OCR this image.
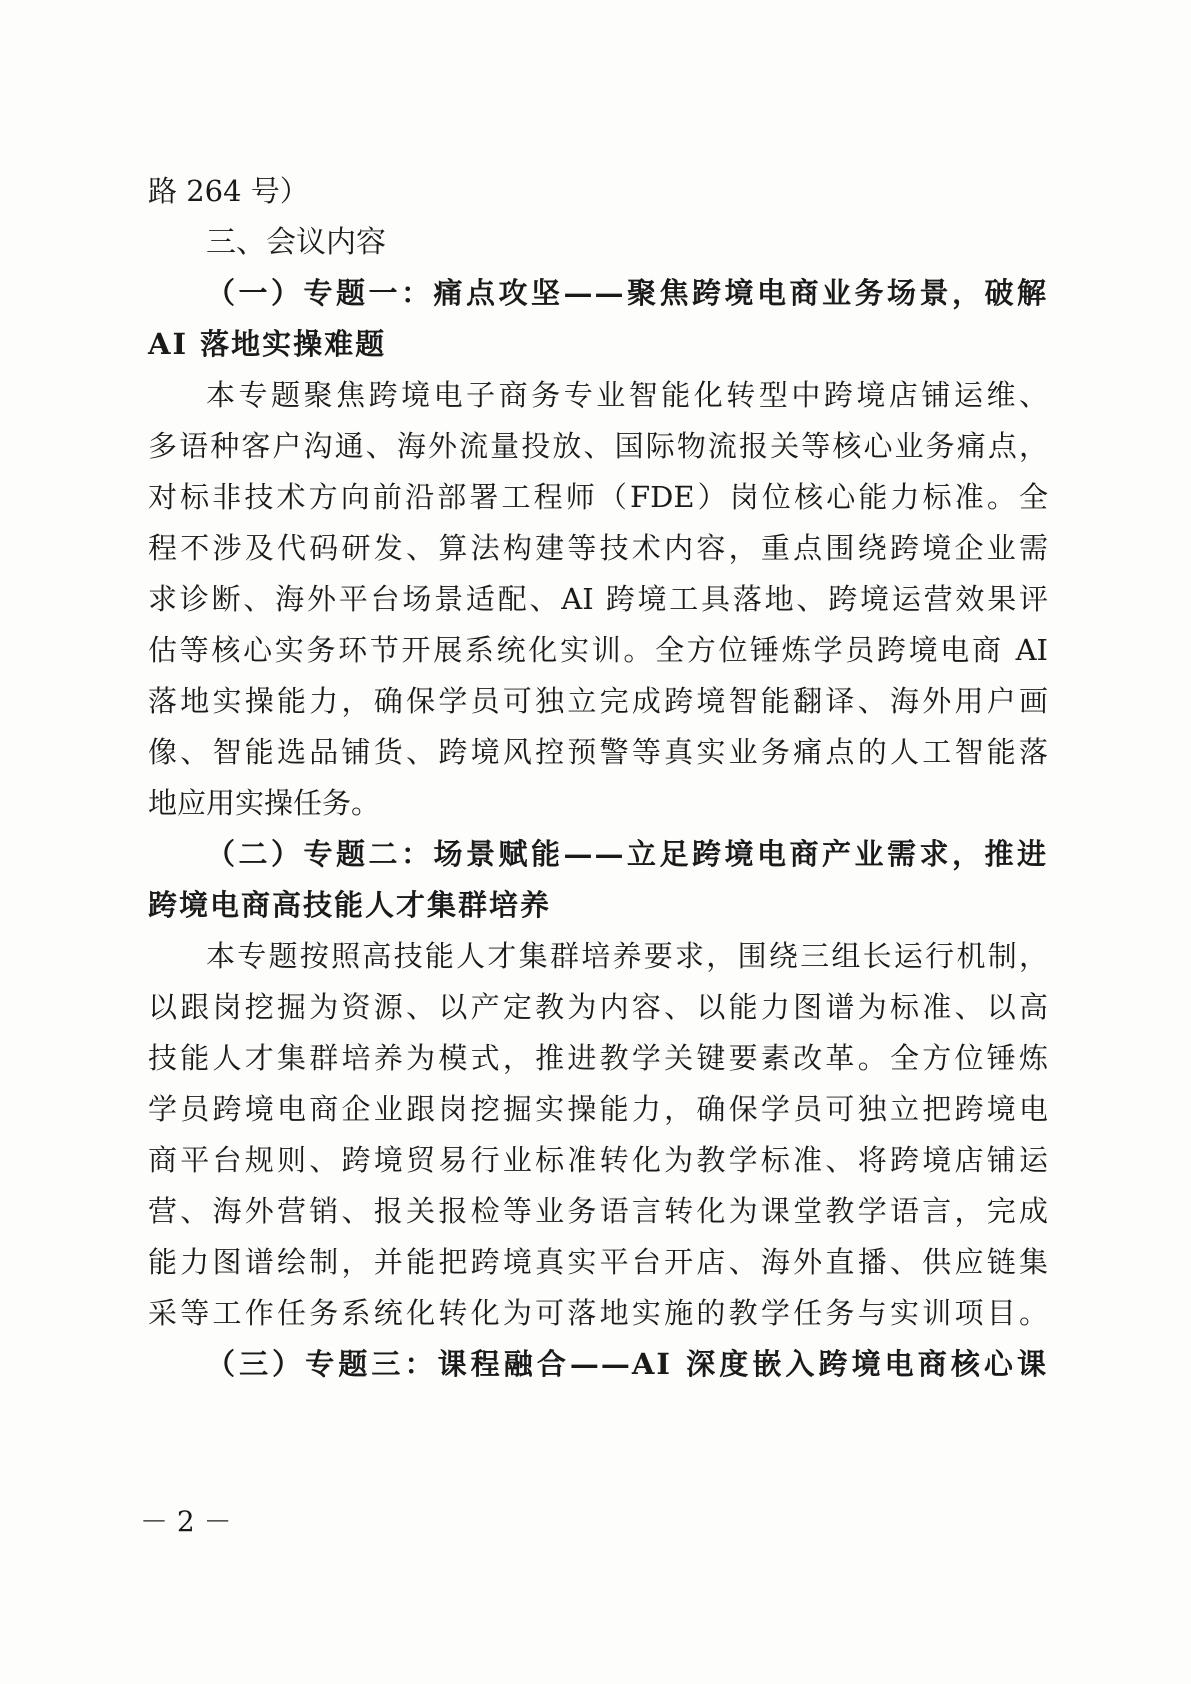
路 264 号）
三、会议内容
（一）专题一：痛点攻坚——聚焦跨境电商业务场景，破解
AI 落地实操难题
本专题聚焦跨境电子商务专业智能化转型中跨境店铺运维、
多语种客户沟通、海外流量投放、国际物流报关等核心业务痛点，
对标非技术方向前沿部署工程师（FDE）岗位核心能力标准。全
程不涉及代码研发、算法构建等技术内容，重点围绕跨境企业需
求诊断、海外平台场景适配、AI 跨境工具落地、跨境运营效果评
估等核心实务环节开展系统化实训。全方位锤炼学员跨境电商 AI
落地实操能力，确保学员可独立完成跨境智能翻译、海外用户画
像、智能选品铺货、跨境风控预警等真实业务痛点的人工智能落
地应用实操任务。
（二）专题二：场景赋能——立足跨境电商产业需求，推进
跨境电商高技能人才集群培养
本专题按照高技能人才集群培养要求，围绕三组长运行机制，
以跟岗挖掘为资源、以产定教为内容、以能力图谱为标准、以高
技能人才集群培养为模式，推进教学关键要素改革。全方位锤炼
学员跨境电商企业跟岗挖掘实操能力，确保学员可独立把跨境电
商平台规则、跨境贸易行业标准转化为教学标准、将跨境店铺运
营、海外营销、报关报检等业务语言转化为课堂教学语言，完成
能力图谱绘制，并能把跨境真实平台开店、海外直播、供应链集
采等工作任务系统化转化为可落地实施的教学任务与实训项目。
（三）专题三：课程融合——AI 深度嵌入跨境电商核心课
－ 2 －
